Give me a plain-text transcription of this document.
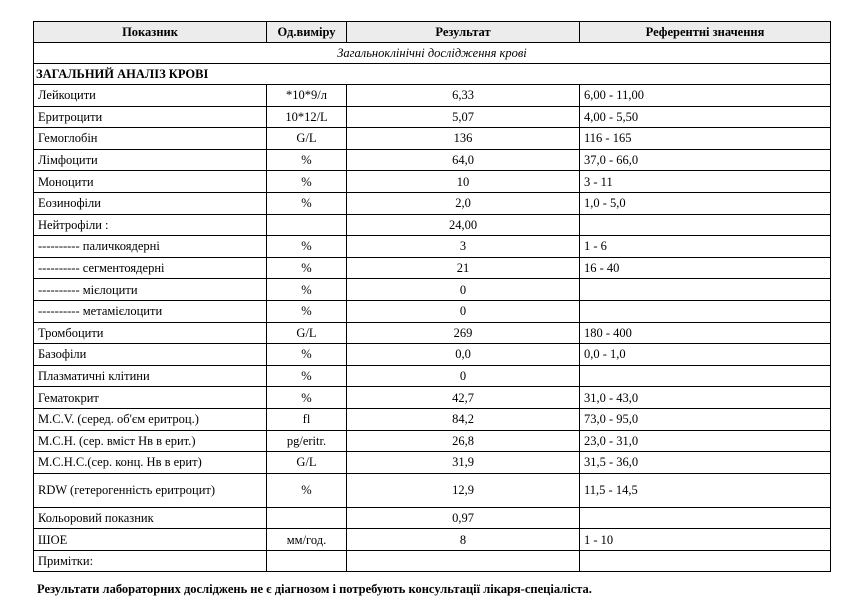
Показник	Од.виміру	Результат	Референтні значення
Загальноклінічні дослідження крові			
ЗАГАЛЬНИЙ АНАЛІЗ КРОВІ			
Лейкоцити	*10*9/л	6,33	6,00 - 11,00
Еритроцити	10*12/L	5,07	4,00 - 5,50
Гемоглобін	G/L	136	116 - 165
Лімфоцити	%	64,0	37,0 - 66,0
Моноцити	%	10	3 - 11
Еозинофіли	%	2,0	1,0 - 5,0
Нейтрофіли :		24,00	
---------- паличкоядерні	%	3	1 - 6
---------- сегментоядерні	%	21	16 - 40
---------- мієлоцити	%	0	
---------- метамієлоцити	%	0	
Тромбоцити	G/L	269	180 - 400
Базофіли	%	0,0	0,0 - 1,0
Плазматичні клітини	%	0	
Гематокрит	%	42,7	31,0 - 43,0
M.C.V. (серед. об'єм еритроц.)	fl	84,2	73,0 - 95,0
M.C.H. (сер. вміст Hв в ерит.)	pg/eritr.	26,8	23,0 - 31,0
M.C.H.C.(сер. конц. Hв в ерит)	G/L	31,9	31,5 - 36,0
RDW (гетерогенність еритроцит)	%	12,9	11,5 - 14,5
Кольоровий показник		0,97	
ШОЕ	мм/год.	8	1 - 10
Примітки:			
Результати лабораторних досліджень не є діагнозом і потребують консультації лікаря-спеціаліста.
